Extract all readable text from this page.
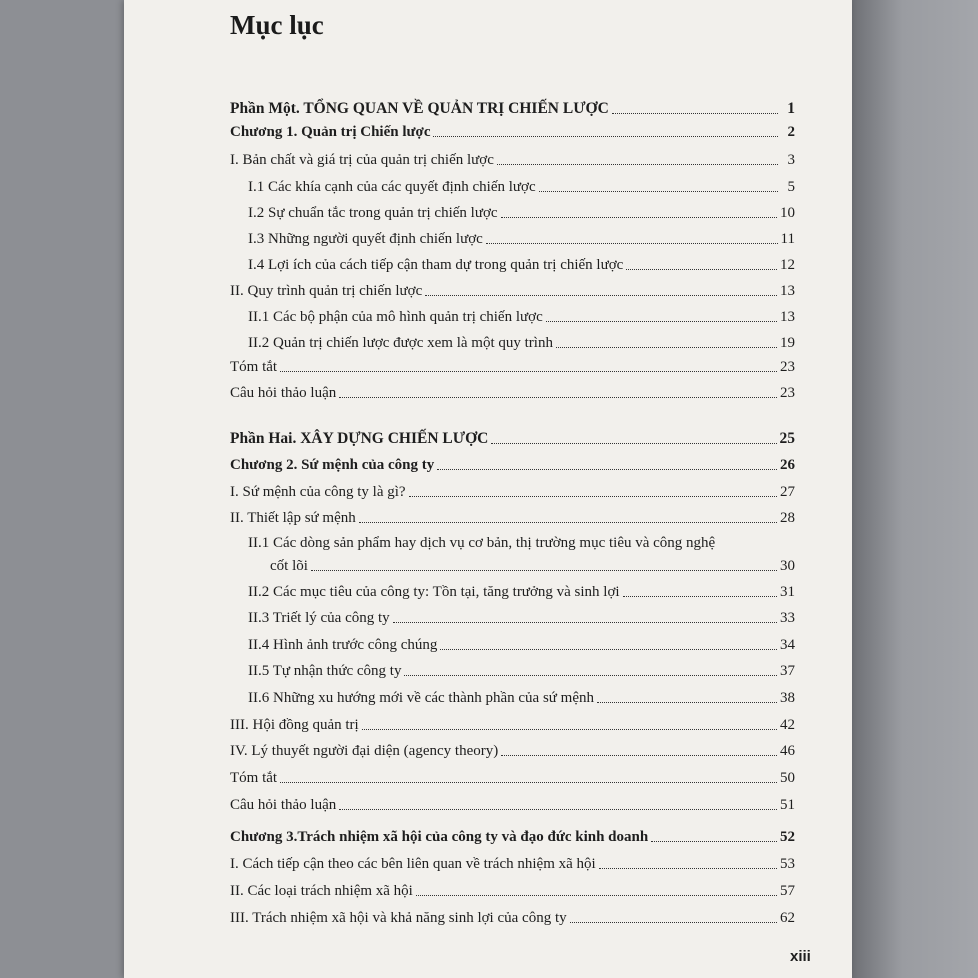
Mục lục
Phần Một. TỔNG QUAN VỀ QUẢN TRỊ CHIẾN LƯỢC	1
Chương 1. Quản trị Chiến lược	2
I. Bản chất và giá trị của quản trị chiến lược	3
I.1 Các khía cạnh của các quyết định chiến lược	5
I.2 Sự chuẩn tắc trong quản trị chiến lược	10
I.3 Những người quyết định chiến lược	11
I.4 Lợi ích của cách tiếp cận tham dự trong quản trị chiến lược	12
II. Quy trình quản trị chiến lược	13
II.1 Các bộ phận của mô hình quản trị chiến lược	13
II.2 Quản trị chiến lược được xem là một quy trình	19
Tóm tắt	23
Câu hỏi thảo luận	23
Phần Hai. XÂY DỰNG CHIẾN LƯỢC	25
Chương 2. Sứ mệnh của công ty	26
I. Sứ mệnh của công ty là gì?	27
II. Thiết lập sứ mệnh	28
II.1 Các dòng sản phẩm hay dịch vụ cơ bản, thị trường mục tiêu và công nghệ
cốt lõi	30
II.2 Các mục tiêu của công ty: Tồn tại, tăng trưởng và sinh lợi	31
II.3 Triết lý của công ty	33
II.4 Hình ảnh trước công chúng	34
II.5 Tự nhận thức công ty	37
II.6 Những xu hướng mới về các thành phần của sứ mệnh	38
III. Hội đồng quản trị	42
IV. Lý thuyết người đại diện (agency theory)	46
Tóm tắt	50
Câu hỏi thảo luận	51
Chương 3.Trách nhiệm xã hội của công ty và đạo đức kinh doanh	52
I. Cách tiếp cận theo các bên liên quan về trách nhiệm xã hội	53
II. Các loại trách nhiệm xã hội	57
III. Trách nhiệm xã hội và khả năng sinh lợi của công ty	62
xiii
